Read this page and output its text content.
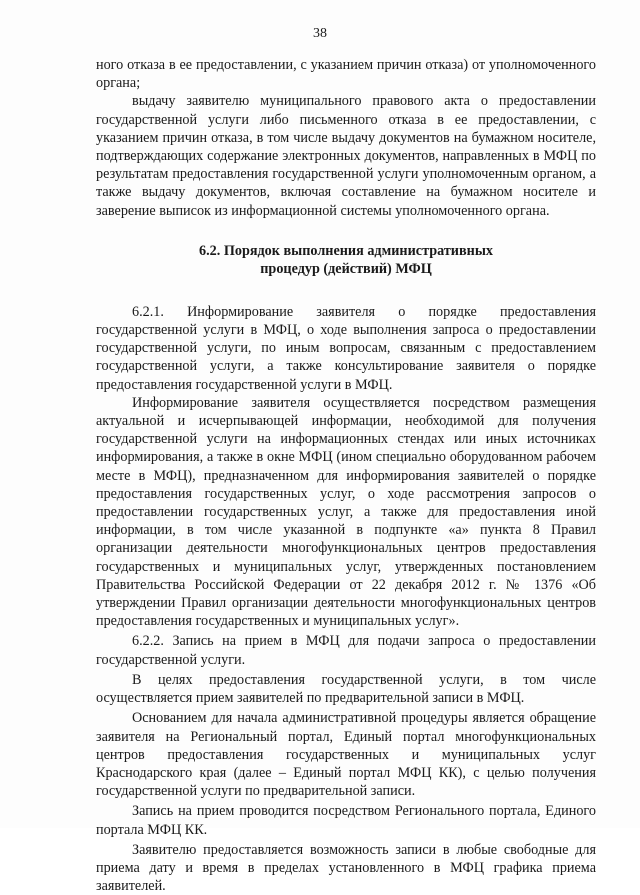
38

ного отказа в ее предоставлении, с указанием причин отказа) от уполномоченного органа;

выдачу заявителю муниципального правового акта о предоставлении государственной услуги либо письменного отказа в ее предоставлении, с указанием причин отказа, в том числе выдачу документов на бумажном носителе, подтверждающих содержание электронных документов, направленных в МФЦ по результатам предоставления государственной услуги уполномоченным органом, а также выдачу документов, включая составление на бумажном носителе и заверение выписок из информационной системы уполномоченного органа.

6.2. Порядок выполнения административных
процедур (действий) МФЦ

6.2.1. Информирование заявителя о порядке предоставления государственной услуги в МФЦ, о ходе выполнения запроса о предоставлении государственной услуги, по иным вопросам, связанным с предоставлением государственной услуги, а также консультирование заявителя о порядке предоставления государственной услуги в МФЦ.

Информирование заявителя осуществляется посредством размещения актуальной и исчерпывающей информации, необходимой для получения государственной услуги на информационных стендах или иных источниках информирования, а также в окне МФЦ (ином специально оборудованном рабочем месте в МФЦ), предназначенном для информирования заявителей о порядке предоставления государственных услуг, о ходе рассмотрения запросов о предоставлении государственных услуг, а также для предоставления иной информации, в том числе указанной в подпункте «а» пункта 8 Правил организации деятельности многофункциональных центров предоставления государственных и муниципальных услуг, утвержденных постановлением Правительства Российской Федерации от 22 декабря 2012 г. № 1376 «Об утверждении Правил организации деятельности многофункциональных центров предоставления государственных и муниципальных услуг».

6.2.2. Запись на прием в МФЦ для подачи запроса о предоставлении государственной услуги.

В целях предоставления государственной услуги, в том числе осуществляется прием заявителей по предварительной записи в МФЦ.

Основанием для начала административной процедуры является обращение заявителя на Региональный портал, Единый портал многофункциональных центров предоставления государственных и муниципальных услуг Краснодарского края (далее – Единый портал МФЦ КК), с целью получения государственной услуги по предварительной записи.

Запись на прием проводится посредством Регионального портала, Единого портала МФЦ КК.

Заявителю предоставляется возможность записи в любые свободные для приема дату и время в пределах установленного в МФЦ графика приема заявителей.
